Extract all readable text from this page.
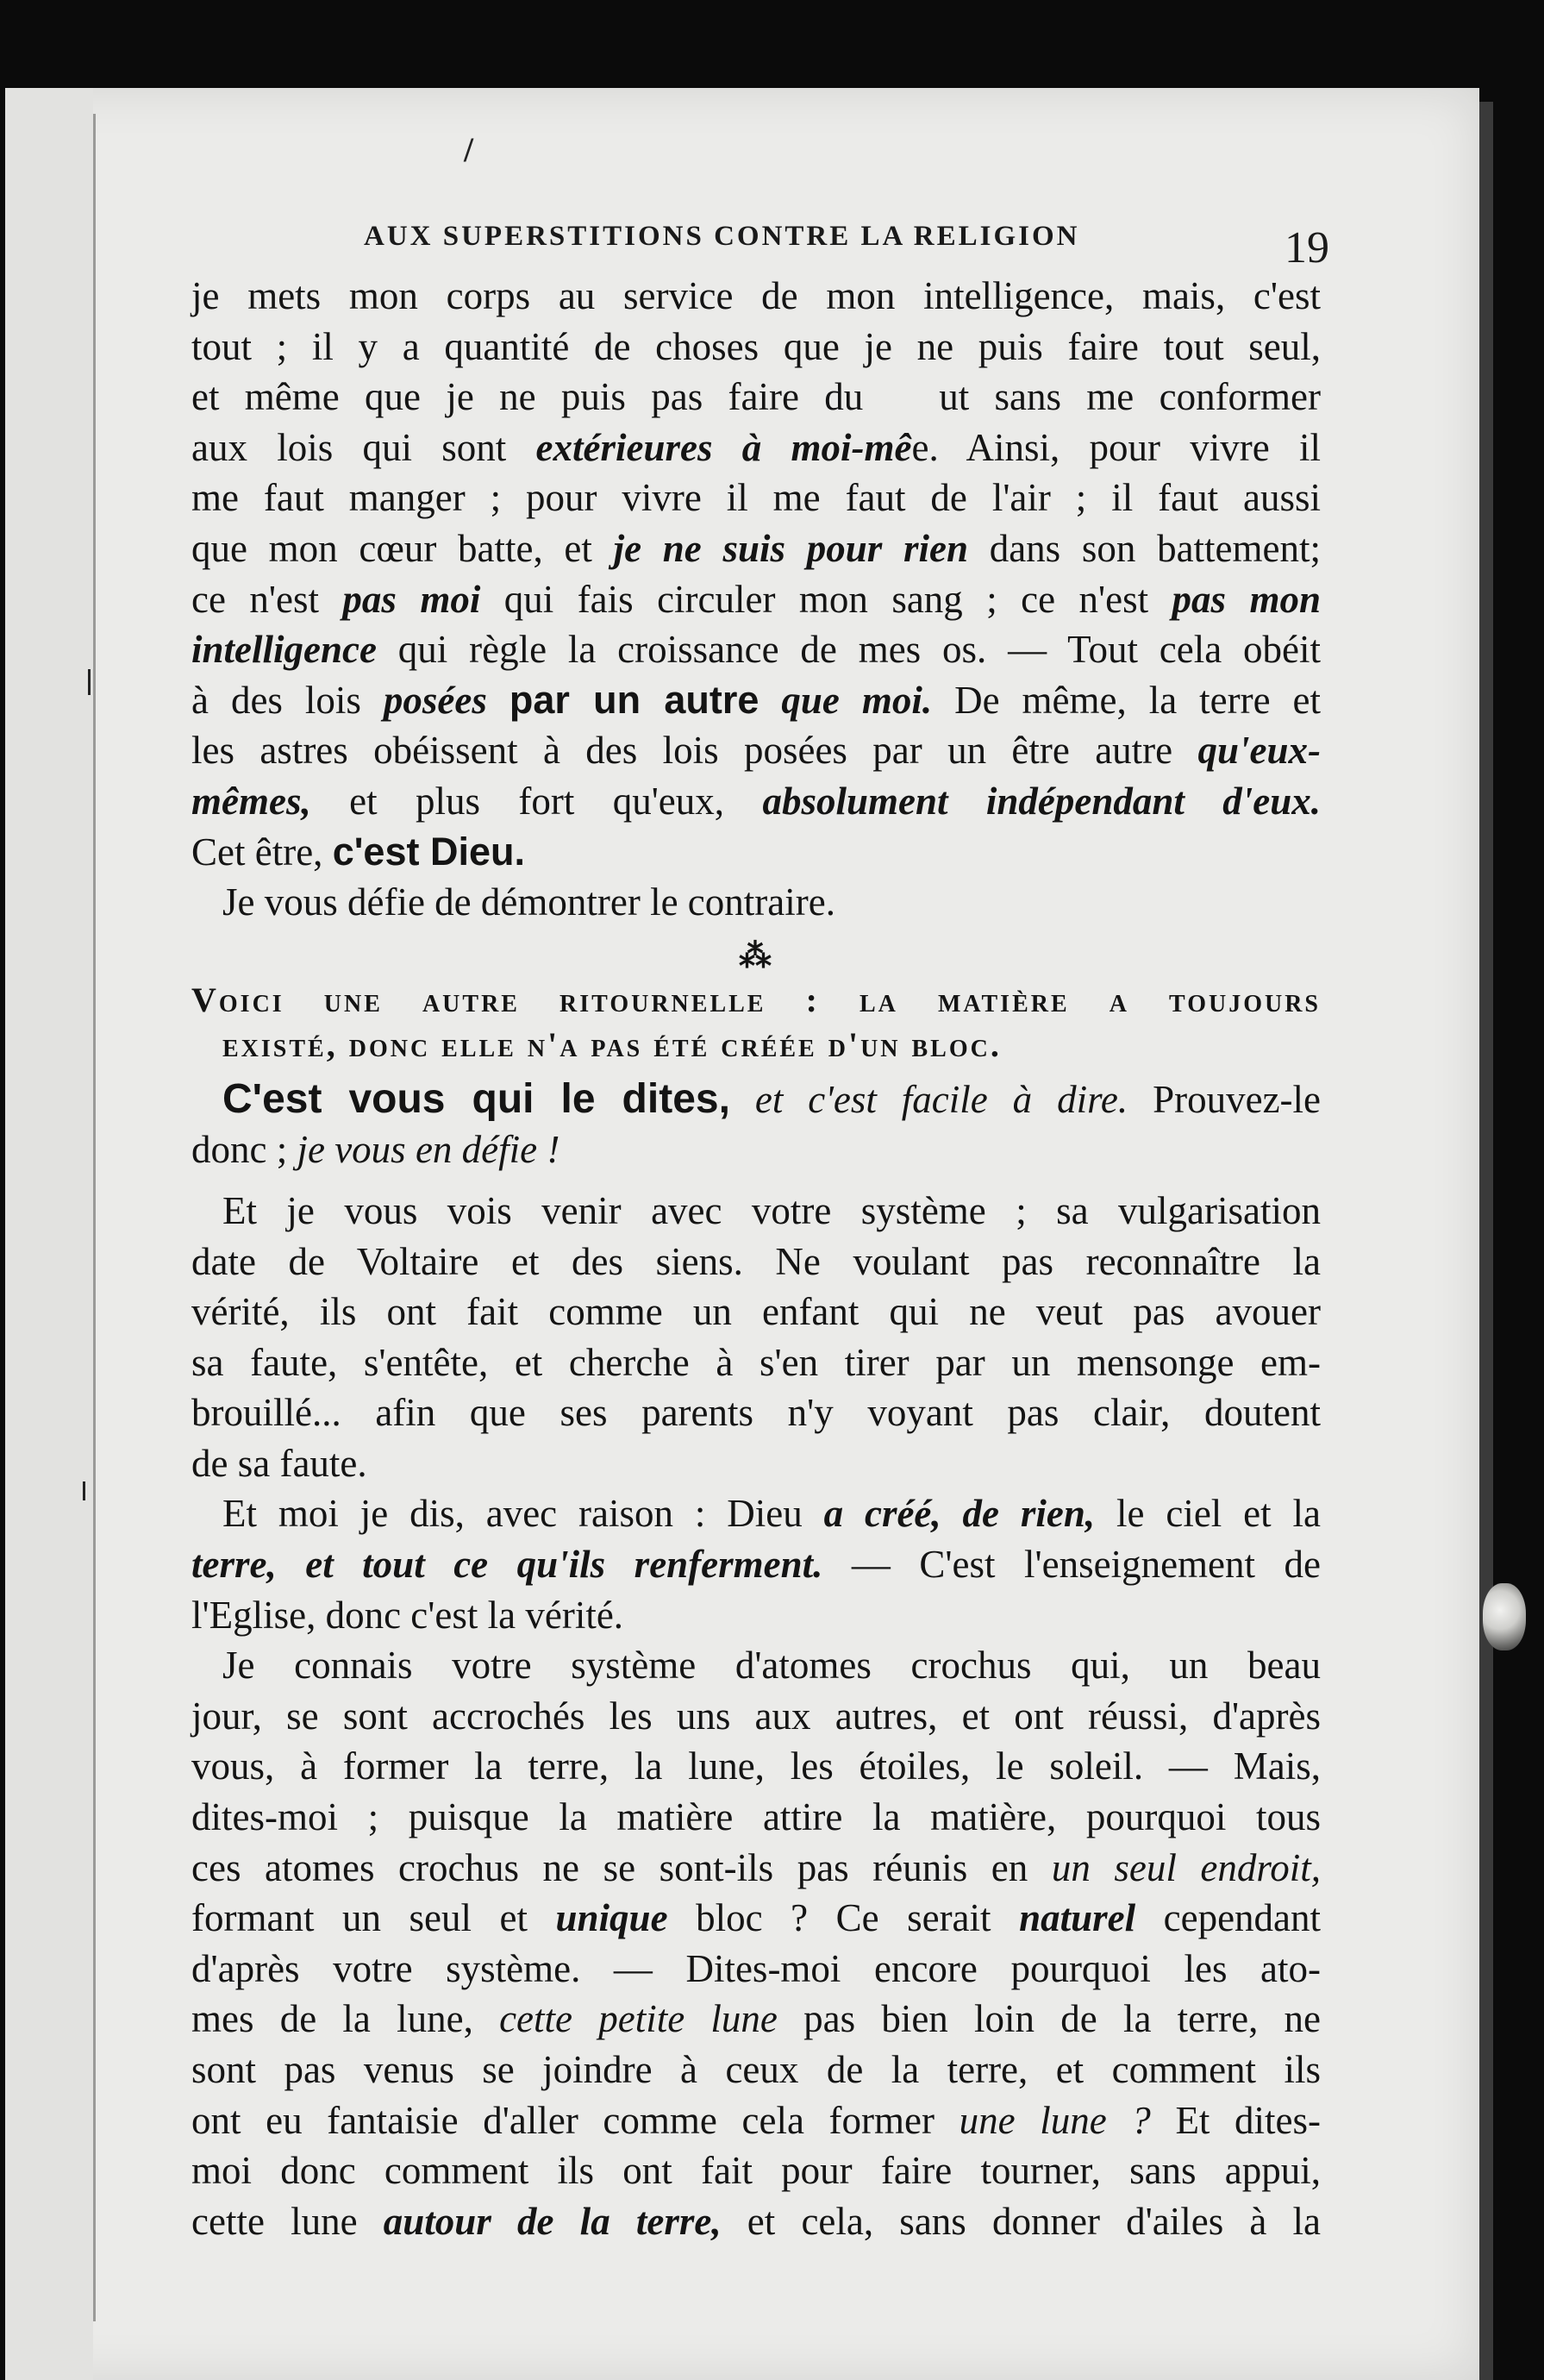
/
AUX SUPERSTITIONS CONTRE LA RELIGION	19
je mets mon corps au service de mon intelligence, mais, c'est
tout ; il y a quantité de choses que je ne puis faire tout seul,
et même que je ne puis pas faire du ut sans me conformer
aux lois qui sont extérieures à moi-mêe. Ainsi, pour vivre il
me faut manger ; pour vivre il me faut de l'air ; il faut aussi
que mon cœur batte, et je ne suis pour rien dans son battement;
ce n'est pas moi qui fais circuler mon sang ; ce n'est pas mon
intelligence qui règle la croissance de mes os. — Tout cela obéit
à des lois posées par un autre que moi. De même, la terre et
les astres obéissent à des lois posées par un être autre qu'eux-
mêmes, et plus fort qu'eux, absolument indépendant d'eux.
Cet être, c'est Dieu.
Je vous défie de démontrer le contraire.
⁂
Voici une autre ritournelle : la matière a toujours
existé, donc elle n'a pas été créée d'un bloc.
C'est vous qui le dites, et c'est facile à dire. Prouvez-le
donc ; je vous en défie !
Et je vous vois venir avec votre système ; sa vulgarisation
date de Voltaire et des siens. Ne voulant pas reconnaître la
vérité, ils ont fait comme un enfant qui ne veut pas avouer
sa faute, s'entête, et cherche à s'en tirer par un mensonge em-
brouillé... afin que ses parents n'y voyant pas clair, doutent
de sa faute.
Et moi je dis, avec raison : Dieu a créé, de rien, le ciel et la
terre, et tout ce qu'ils renferment. — C'est l'enseignement de
l'Eglise, donc c'est la vérité.
Je connais votre système d'atomes crochus qui, un beau
jour, se sont accrochés les uns aux autres, et ont réussi, d'après
vous, à former la terre, la lune, les étoiles, le soleil. — Mais,
dites-moi ; puisque la matière attire la matière, pourquoi tous
ces atomes crochus ne se sont-ils pas réunis en un seul endroit,
formant un seul et unique bloc ? Ce serait naturel cependant
d'après votre système. — Dites-moi encore pourquoi les ato-
mes de la lune, cette petite lune pas bien loin de la terre, ne
sont pas venus se joindre à ceux de la terre, et comment ils
ont eu fantaisie d'aller comme cela former une lune ? Et dites-
moi donc comment ils ont fait pour faire tourner, sans appui,
cette lune autour de la terre, et cela, sans donner d'ailes à la
